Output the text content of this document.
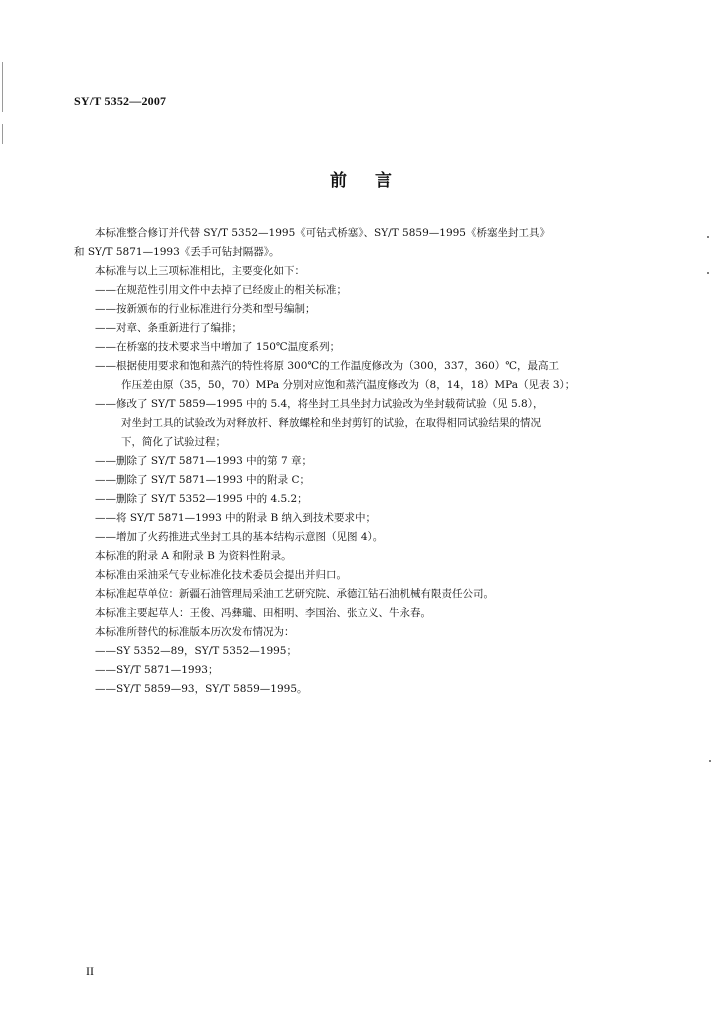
SY/T 5352—2007
前言

本标准整合修订并代替 SY/T 5352—1995《可钻式桥塞》、SY/T 5859—1995《桥塞坐封工具》

和 SY/T 5871—1993《丢手可钻封隔器》。

本标准与以上三项标准相比，主要变化如下：

——在规范性引用文件中去掉了已经废止的相关标准；

——按新颁布的行业标准进行分类和型号编制；

——对章、条重新进行了编排；

——在桥塞的技术要求当中增加了 150℃温度系列；

——根据使用要求和饱和蒸汽的特性将原 300℃的工作温度修改为（300，337，360）℃，最高工

作压差由原（35，50，70）MPa 分别对应饱和蒸汽温度修改为（8，14，18）MPa（见表 3）；

——修改了 SY/T 5859—1995 中的 5.4，将坐封工具坐封力试验改为坐封载荷试验（见 5.8），

对坐封工具的试验改为对释放杆、释放螺栓和坐封剪钉的试验，在取得相同试验结果的情况

下，简化了试验过程；

——删除了 SY/T 5871—1993 中的第 7 章；

——删除了 SY/T 5871—1993 中的附录 C；

——删除了 SY/T 5352—1995 中的 4.5.2；

——将 SY/T 5871—1993 中的附录 B 纳入到技术要求中；

——增加了火药推进式坐封工具的基本结构示意图（见图 4）。

本标准的附录 A 和附录 B 为资料性附录。

本标准由采油采气专业标准化技术委员会提出并归口。

本标准起草单位：新疆石油管理局采油工艺研究院、承德江钻石油机械有限责任公司。

本标准主要起草人：王俊、冯彝瓏、田相明、李国治、张立义、牛永春。

本标准所替代的标准版本历次发布情况为：

——SY 5352—89，SY/T 5352—1995；

——SY/T 5871—1993；

——SY/T 5859—93，SY/T 5859—1995。

II
